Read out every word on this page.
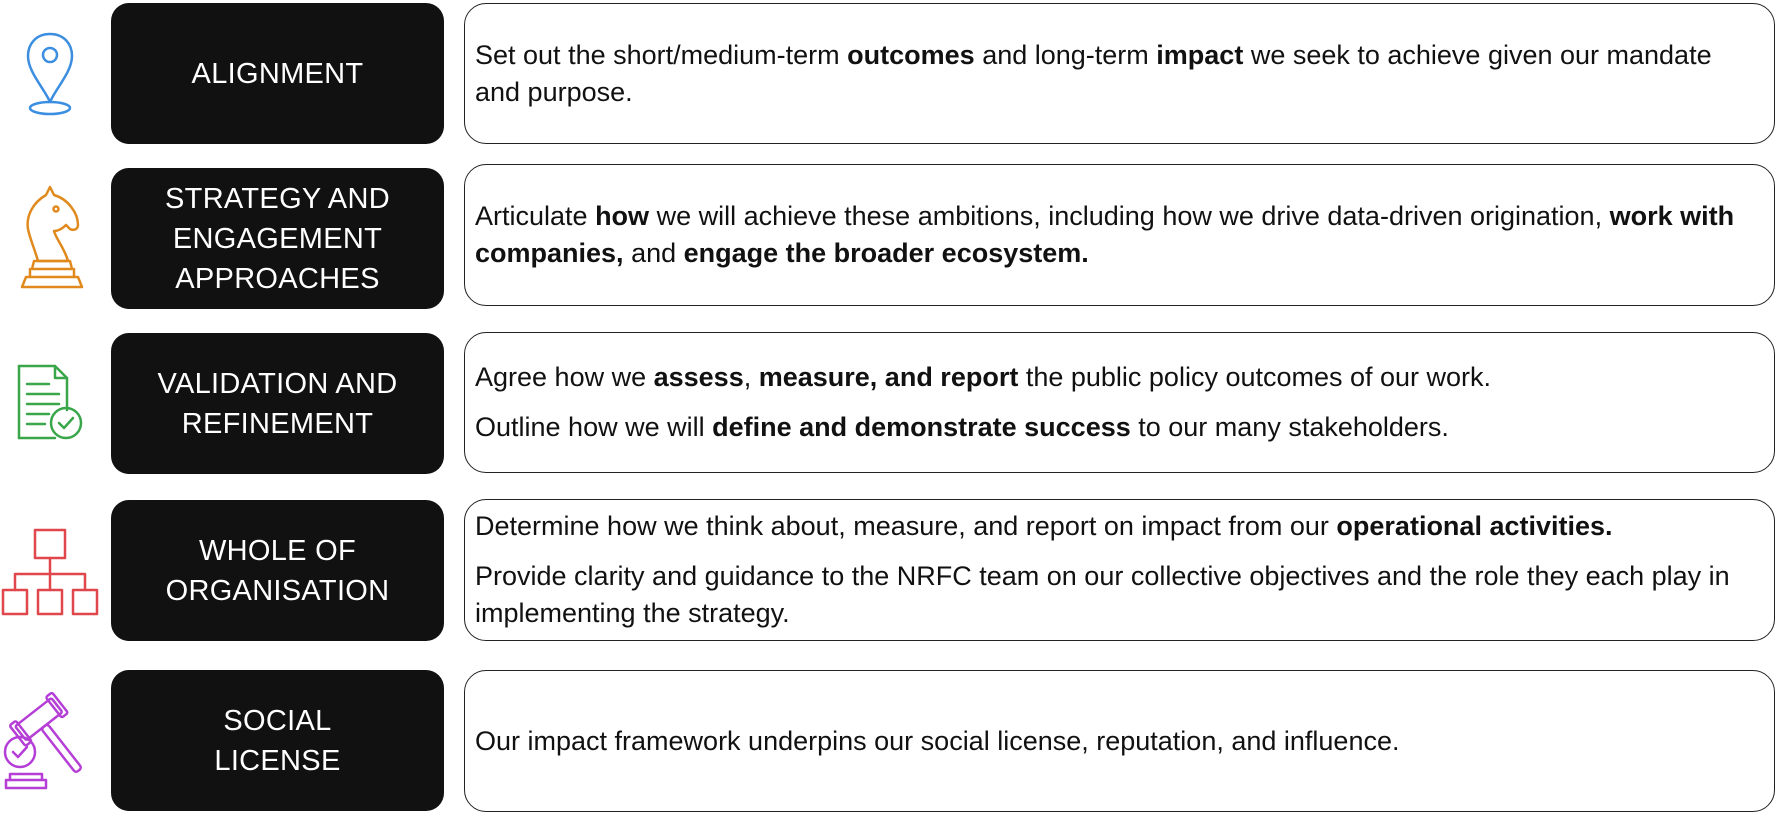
ALIGNMENT

Set out the short/medium-term outcomes and long-term impact we seek to achieve given our mandate and purpose.

STRATEGY AND
ENGAGEMENT
APPROACHES

Articulate how we will achieve these ambitions, including how we drive data-driven origination, work with companies, and engage the broader ecosystem.

VALIDATION AND
REFINEMENT

Agree how we assess, measure, and report the public policy outcomes of our work.

Outline how we will define and demonstrate success to our many stakeholders.

WHOLE OF
ORGANISATION

Determine how we think about, measure, and report on impact from our operational activities.

Provide clarity and guidance to the NRFC team on our collective objectives and the role they each play in implementing the strategy.

SOCIAL
LICENSE

Our impact framework underpins our social license, reputation, and influence.
